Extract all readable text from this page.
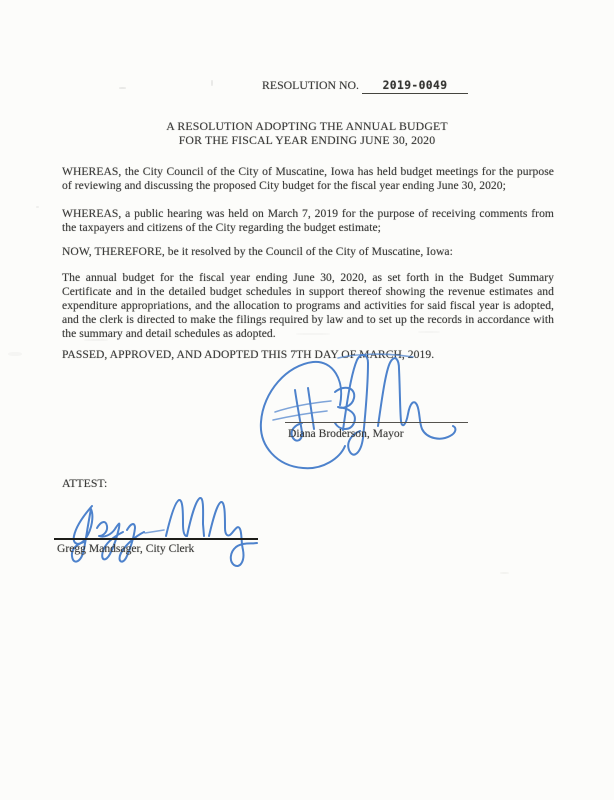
RESOLUTION NO. 2019-0049
A RESOLUTION ADOPTING THE ANNUAL BUDGET
FOR THE FISCAL YEAR ENDING JUNE 30, 2020
WHEREAS, the City Council of the City of Muscatine, Iowa has held budget meetings for the purpose of reviewing and discussing the proposed City budget for the fiscal year ending June 30, 2020;
WHEREAS, a public hearing was held on March 7, 2019 for the purpose of receiving comments from the taxpayers and citizens of the City regarding the budget estimate;
NOW, THEREFORE, be it resolved by the Council of the City of Muscatine, Iowa:
The annual budget for the fiscal year ending June 30, 2020, as set forth in the Budget Summary Certificate and in the detailed budget schedules in support thereof showing the revenue estimates and expenditure appropriations, and the allocation to programs and activities for said fiscal year is adopted, and the clerk is directed to make the filings required by law and to set up the records in accordance with the summary and detail schedules as adopted.
PASSED, APPROVED, AND ADOPTED THIS 7TH DAY OF MARCH, 2019.
Diana Broderson, Mayor
ATTEST:
Gregg Mandsager, City Clerk
